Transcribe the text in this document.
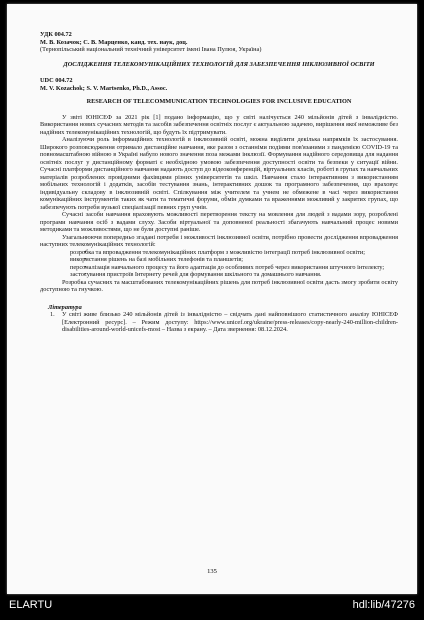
УДК 004.72
М. В. Козачок; С. В. Марценко, канд. тех. наук, доц.
(Тернопільський національний технічний університет імені Івана Пулюя, Україна)
ДОСЛІДЖЕННЯ ТЕЛЕКОМУНІКАЦІЙНИХ ТЕХНОЛОГІЙ ДЛЯ ЗАБЕЗПЕЧЕННЯ ІНКЛЮЗИВНОЇ ОСВІТИ
UDC 004.72
M. V. Kozachok; S. V. Martsenko, Ph.D., Assoc.
RESEARCH OF TELECOMMUNICATION TECHNOLOGIES FOR INCLUSIVE EDUCATION

У звіті ЮНІСЕФ за 2021 рік [1] подано інформацію, що у світі налічується 240 мільйонів дітей з інвалідністю. Використання нових сучасних методів та засобів забезпечення освітніх послуг є актуальною задачею, вирішення якої неможливе без надійних телекомунікаційних технологій, що будуть їх підтримувати.

Аналізуючи роль інформаційних технологій в інклюзивній освіті, можна виділити декілька напрямків їх застосування. Широкого розповсюдження отримало дистанційне навчання, яке разом з останніми подіями пов'язаними з пандемією COVID-19 та повномасштабною війною в Україні набуло нового значення поза межами інклюзії. Формування надійного середовища для надання освітніх послуг у дистанційному форматі є необхідною умовою забезпечення доступності освіти та безпеки у ситуації війни. Сучасні платформи дистанційного навчання надають доступ до відеоконференцій, віртуальних класів, роботі в групах та навчальних матеріалів розроблених провідними фахівцями різних університетів та шкіл. Навчання стало інтерактивним з використанням мобільних технологій і додатків, засобів тестування знань, інтерактивних дошок та програмного забезпечення, що враховує індивідуальну складову в інклюзивній освіті. Спілкування між учителем та учнем не обмежене в часі через використання комунікаційних інструментів таких як чати та тематичні форуми, обмін думками та враженнями можливий у закритих групах, що забезпечують потреби вузької спеціалізації певних груп учнів.

Сучасні засоби навчання враховують можливості перетворення тексту на мовлення для людей з вадами зору, розроблені програми навчання осіб з вадами слуху. Засоби віртуальної та доповненої реальності збагачують навчальний процес новими методиками та можливостями, що не були доступні раніше.

Узагальнюючи попередньо згадані потреби і можливості інклюзивної освіти, потрібно провести дослідження впровадження наступних телекомунікаційних технологій:

• розробка та впровадження телекомунікаційних платформ з можливістю інтеграції потреб інклюзивної освіти;

• використання рішень на базі мобільних телефонів та планшетів;

• персоналізація навчального процесу та його адаптація до особливих потреб через використання штучного інтелекту;

• застосування пристроїв Інтернету речей для формування шкільного та домашнього навчання.

Розробка сучасних та масштабованих телекомунікаційних рішень для потреб інклюзивної освіти дасть змогу зробити освіту доступною та гнучкою.

Література
1. У світі живе близько 240 мільйонів дітей із інвалідністю – свідчать дані найповнішого статистичного аналізу ЮНІСЕФ [Електронний ресурс]. – Режим доступу: https://www.unicef.org/ukraine/press-releases/copy-nearly-240-million-children-disabilities-around-world-unicefs-most – Назва з екрану. – Дата звернення: 08.12.2024.
135
ELARTU	hdl:lib/47276
